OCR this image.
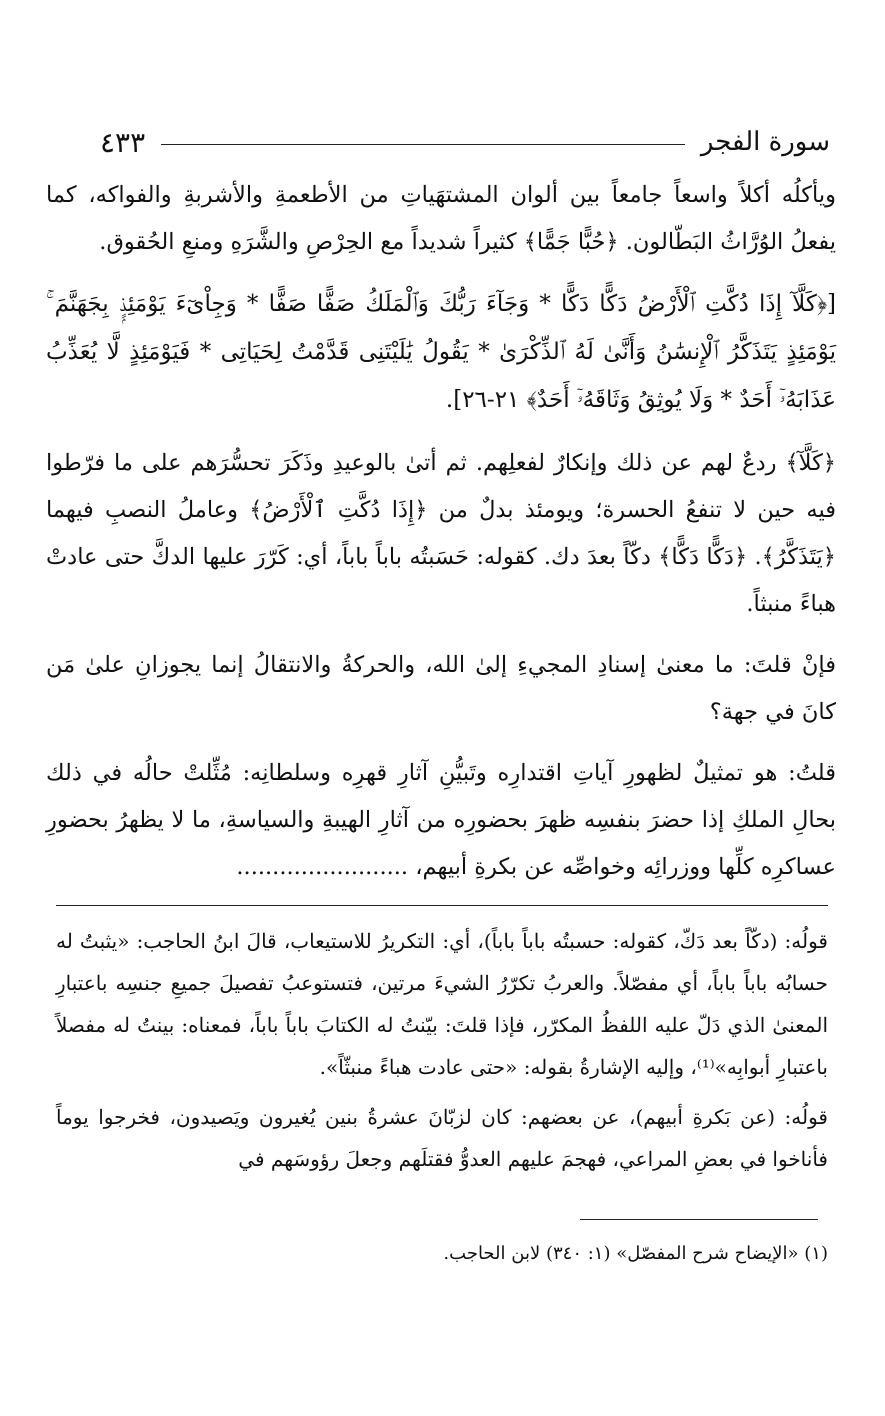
سورة الفجر
٤٣٣

ويأكلُه أكلاً واسعاً جامعاً بين ألوان المشتهَياتِ من الأطعمةِ والأشربةِ والفواكه، كما يفعلُ الوُرَّاثُ البَطّالون. ﴿حُبًّا جَمًّا﴾ كثيراً شديداً مع الحِرْصِ والشَّرَهِ ومنعِ الحُقوق.

[﴿كَلَّآ إِذَا دُكَّتِ ٱلْأَرْضُ دَكًّا دَكًّا * وَجَآءَ رَبُّكَ وَٱلْمَلَكُ صَفًّا صَفًّا * وَجِاْىٓءَ يَوْمَئِذٍۭ بِجَهَنَّمَ ۚ يَوْمَئِذٍ يَتَذَكَّرُ ٱلْإِنسَٰنُ وَأَنَّىٰ لَهُ ٱلذِّكْرَىٰ * يَقُولُ يَٰلَيْتَنِى قَدَّمْتُ لِحَيَاتِى * فَيَوْمَئِذٍ لَّا يُعَذِّبُ عَذَابَهُۥٓ أَحَدٌ * وَلَا يُوثِقُ وَثَاقَهُۥٓ أَحَدٌ﴾ ٢١-٢٦].

﴿كَلَّآ﴾ ردعٌ لهم عن ذلك وإنكارٌ لفعلِهم. ثم أتىٰ بالوعيدِ وذَكَرَ تحسُّرَهم على ما فرّطوا فيه حين لا تنفعُ الحسرة؛ ويومئذ بدلٌ من ﴿إِذَا دُكَّتِ ٱلْأَرْضُ﴾ وعاملُ النصبِ فيهما ﴿يَتَذَكَّرُ﴾. ﴿دَكًّا دَكًّا﴾ دكّاً بعدَ دك. كقوله: حَسَبتُه باباً باباً، أي: كَرّرَ عليها الدكَّ حتى عادتْ هباءً منبثاً.

فإنْ قلتَ: ما معنىٰ إسنادِ المجيءِ إلىٰ الله، والحركةُ والانتقالُ إنما يجوزانِ علىٰ مَن كانَ في جهة؟

قلتُ: هو تمثيلٌ لظهورِ آياتِ اقتدارِه وتَبيُّنِ آثارِ قهرِه وسلطانِه: مُثِّلتْ حالُه في ذلك بحالِ الملكِ إذا حضرَ بنفسِه ظهرَ بحضورِه من آثارِ الهيبةِ والسياسةِ، ما لا يظهرُ بحضورِ عساكرِه كلِّها ووزرائِه وخواصِّه عن بكرةِ أبيهم، ........................

قولُه: (دكّاً بعد دَكّ، كقوله: حسبتُه باباً باباً)، أي: التكريرُ للاستيعاب، قالَ ابنُ الحاجب: «يثبتُ له حسابُه باباً باباً، أي مفصّلاً. والعربُ تكرّرُ الشيءَ مرتين، فتستوعبُ تفصيلَ جميعِ جنسِه باعتبارِ المعنىٰ الذي دَلّ عليه اللفظُ المكرّر، فإذا قلتَ: بيّنتُ له الكتابَ باباً باباً، فمعناه: بينتُ له مفصلاً باعتبارِ أبوابِه»⁽¹⁾، وإليه الإشارةُ بقوله: «حتى عادت هباءً منبثّاً».

قولُه: (عن بَكرةِ أبيهم)، عن بعضهم: كان لزبّانَ عشرةُ بنين يُغيرون ويَصيدون، فخرجوا يوماً فأناخوا في بعضِ المراعي، فهجمَ عليهم العدوُّ فقتلَهم وجعلَ رؤوسَهم في

(١) «الإيضاح شرح المفصّل» (١: ٣٤٠) لابن الحاجب.
